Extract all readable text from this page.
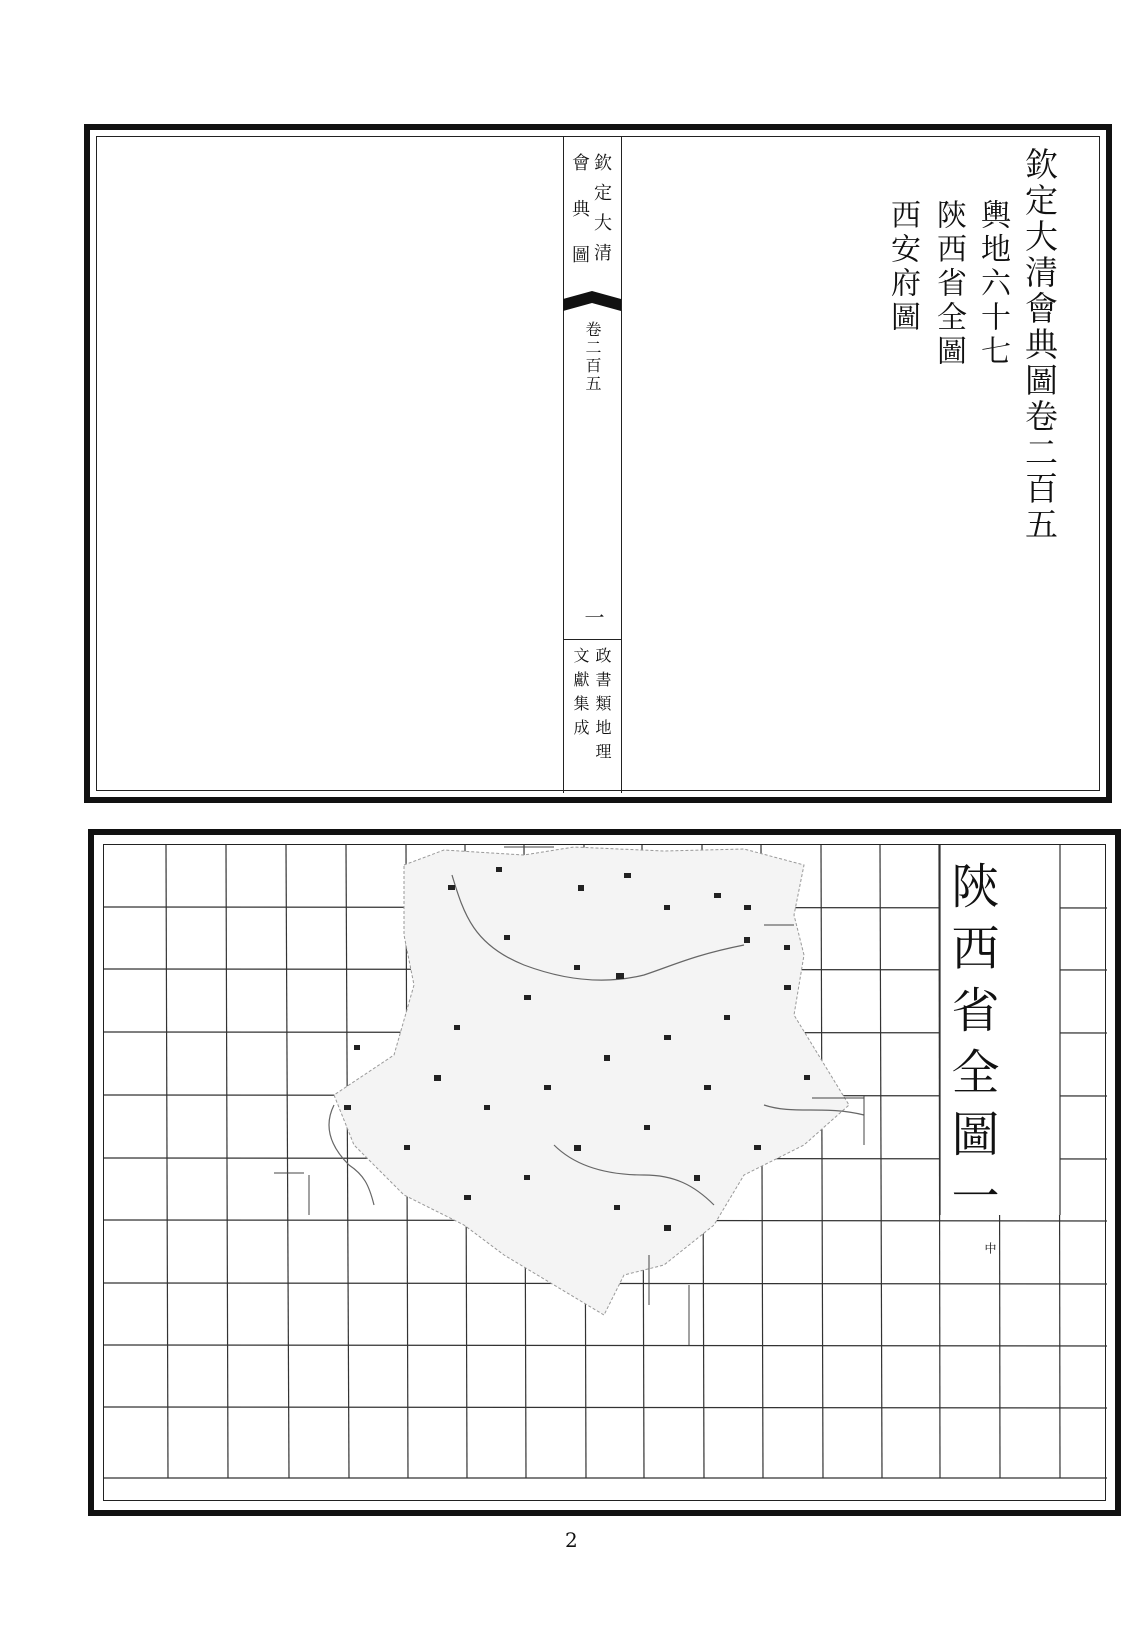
欽定大清
會典圖
卷二百五
一
政書類地理
文獻集成
欽定大清會典圖卷二百五
輿地六十七
陝西省全圖
西安府圖
陝西省全圖一
中
2
